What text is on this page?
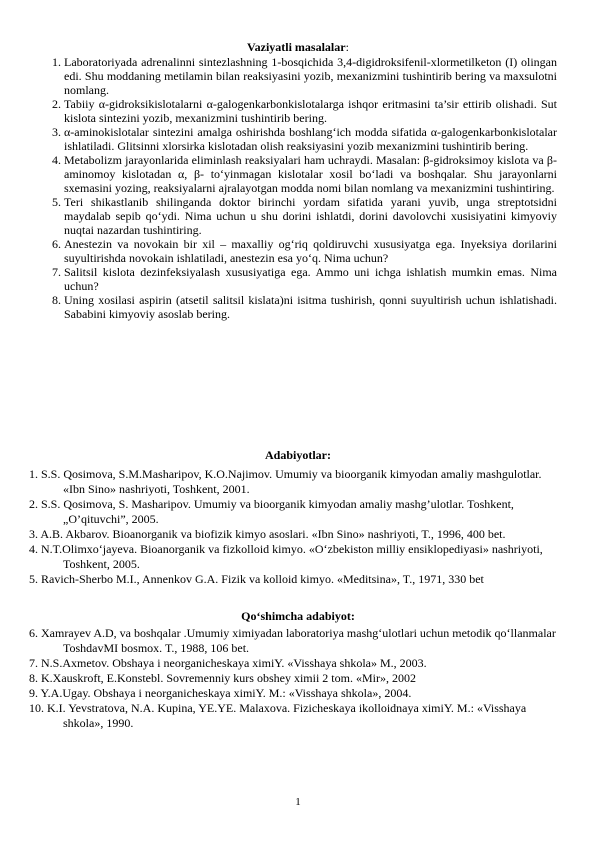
Vaziyatli masalalar:
1. Laboratoriyada adrenalinni sintezlashning 1-bosqichida 3,4-digidroksifenil-xlormetilketon (I) olingan edi. Shu moddaning metilamin bilan reaksiyasini yozib, mexanizmini tushintirib bering va maxsulotni nomlang.
2. Tabiiy α-gidroksikislotalarni α-galogenkarbonkislotalarga ishqor eritmasini ta’sir ettirib olishadi. Sut kislota sintezini yozib, mexanizmini tushintirib bering.
3. α-aminokislotalar sintezini amalga oshirishda boshlang‘ich modda sifatida α-galogenkarbonkislotalar ishlatiladi. Glitsinni xlorsirka kislotadan olish reaksiyasini yozib mexanizmini tushintirib bering.
4. Metabolizm jarayonlarida eliminlash reaksiyalari ham uchraydi. Masalan: β-gidroksimoy kislota va β-aminomoy kislotadan α, β- to‘yinmagan kislotalar xosil bo‘ladi va boshqalar. Shu jarayonlarni sxemasini yozing, reaksiyalarni ajralayotgan modda nomi bilan nomlang va mexanizmini tushintiring.
5. Teri shikastlanib shilinganda doktor birinchi yordam sifatida yarani yuvib, unga streptotsidni maydalab sepib qo‘ydi. Nima uchun u shu dorini ishlatdi, dorini davolovchi xusisiyatini kimyoviy nuqtai nazardan tushintiring.
6. Anestezin va novokain bir xil – maxalliy og‘riq qoldiruvchi xususiyatga ega. Inyeksiya dorilarini suyultirishda novokain ishlatiladi, anestezin esa yo‘q. Nima uchun?
7. Salitsil kislota dezinfeksiyalash xususiyatiga ega. Ammo uni ichga ishlatish mumkin emas. Nima uchun?
8. Uning xosilasi aspirin (atsetil salitsil kislata)ni isitma tushirish, qonni suyultirish uchun ishlatishadi. Sababini kimyoviy asoslab bering.
Adabiyotlar:
1. S.S. Qosimova, S.M.Masharipov, K.O.Najimov. Umumiy va bioorganik kimyodan amaliy mashgulotlar. «Ibn Sino» nashriyoti, Toshkent, 2001.
2. S.S. Qosimova, S. Masharipov. Umumiy va bioorganik kimyodan amaliy mashg’ulotlar. Toshkent, „O’qituvchi”, 2005.
3. A.B. Akbarov. Bioanorganik va biofizik kimyo asoslari. «Ibn Sino» nashriyoti, T., 1996, 400 bet.
4. N.T.Olimxo‘jayeva. Bioanorganik va fizkolloid kimyo. «O‘zbekiston milliy ensiklopediyasi» nashriyoti, Toshkent, 2005.
5. Ravich-Sherbo M.I., Annenkov G.A. Fizik va kolloid kimyo. «Meditsina», T., 1971, 330 bet
Qo‘shimcha adabiyot:
6. Xamrayev A.D, va boshqalar .Umumiy ximiyadan laboratoriya mashg‘ulotlari uchun metodik qo‘llanmalar ToshdavMI bosmox. T., 1988, 106 bet.
7. N.S.Axmetov. Obshaya i neorganicheskaya ximiY. «Visshaya shkola» M., 2003.
8. K.Xauskroft, E.Konstebl. Sovremenniy kurs obshey ximii 2 tom. «Mir», 2002
9. Y.A.Ugay. Obshaya i neorganicheskaya ximiY. M.: «Visshaya shkola», 2004.
10. K.I. Yevstratova, N.A. Kupina, YE.YE. Malaxova. Fizicheskaya ikolloidnaya ximiY. M.: «Visshaya shkola», 1990.
1
